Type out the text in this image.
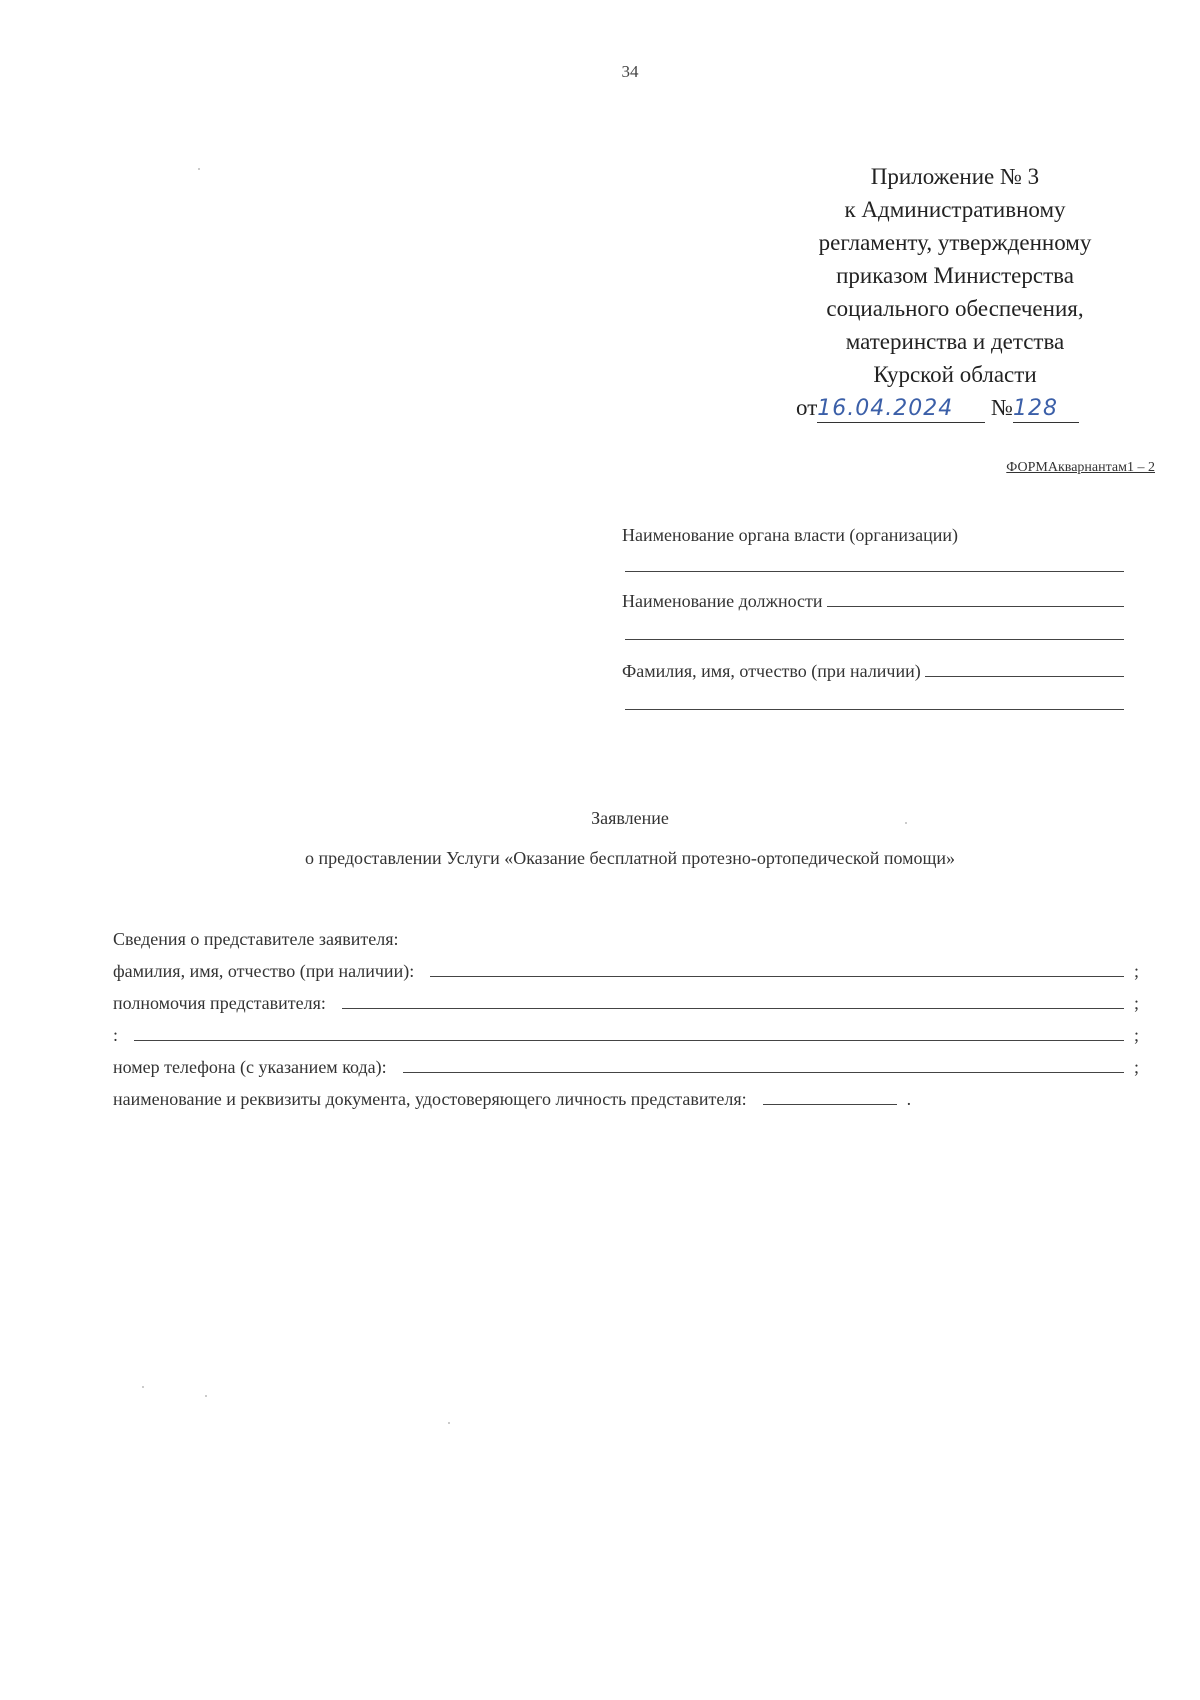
34
Приложение № 3
к Административному
регламенту, утвержденному
приказом Министерства
социального обеспечения,
материнства и детства
Курской области
от16.04.2024 №128
ФОРМАкварнантам1 – 2
Наименование органа власти (организации)
Наименование должности
Фамилия, имя, отчество (при наличии)
Заявление
о предоставлении Услуги «Оказание бесплатной протезно-ортопедической помощи»
Сведения о представителе заявителя:
фамилия, имя, отчество (при наличии):	;
полномочия представителя:	;
:	;
номер телефона (с указанием кода):	;
наименование и реквизиты документа, удостоверяющего личность представителя:	.
